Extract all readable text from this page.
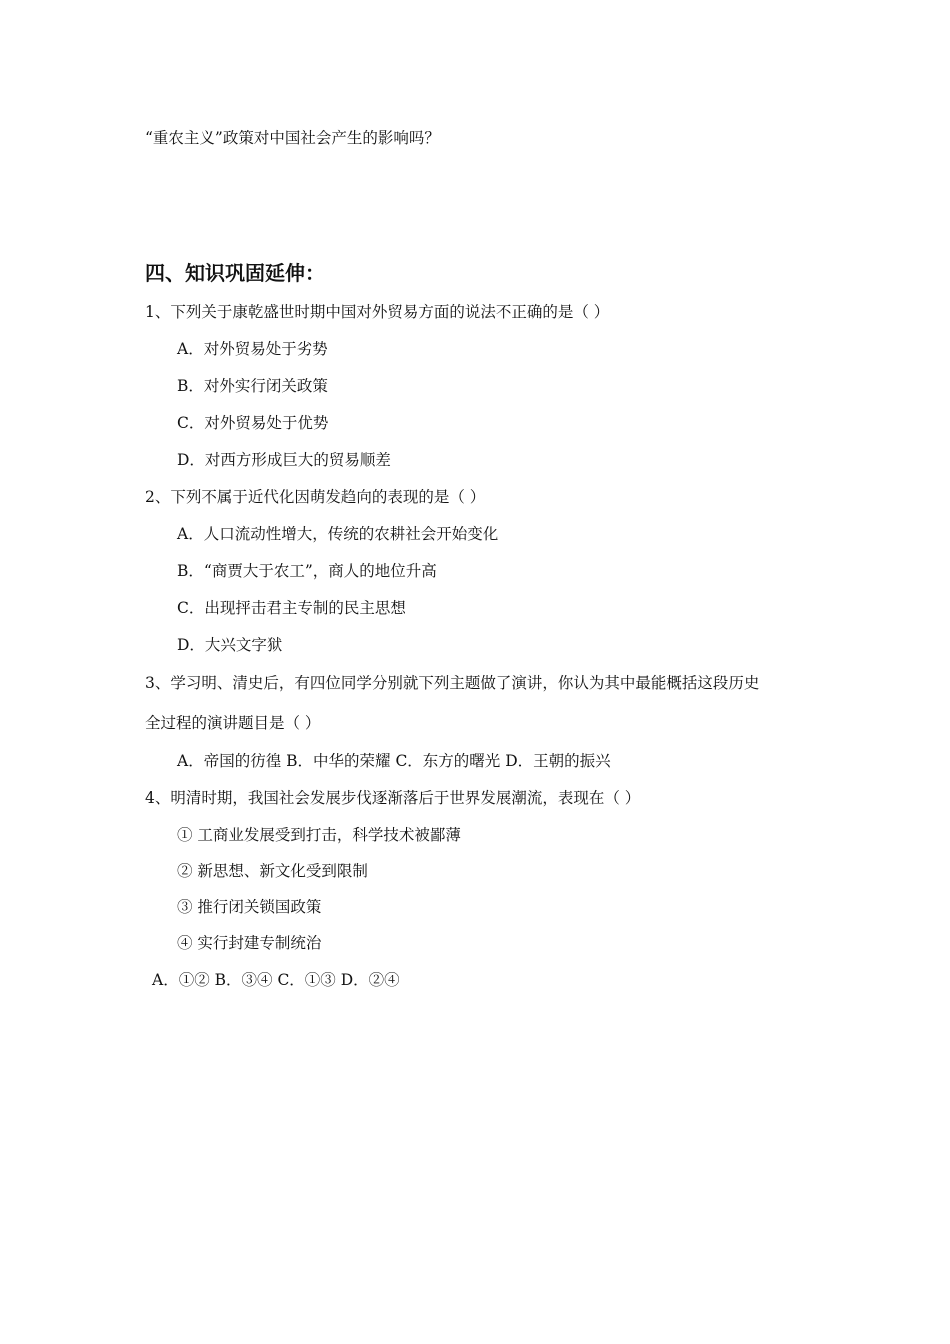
“重农主义”政策对中国社会产生的影响吗？
四、知识巩固延伸：
1、下列关于康乾盛世时期中国对外贸易方面的说法不正确的是（ ）
A．对外贸易处于劣势
B．对外实行闭关政策
C．对外贸易处于优势
D．对西方形成巨大的贸易顺差
2、下列不属于近代化因萌发趋向的表现的是（ ）
A．人口流动性增大，传统的农耕社会开始变化
B．“商贾大于农工”，商人的地位升高
C．出现抨击君主专制的民主思想
D．大兴文字狱
3、学习明、清史后，有四位同学分别就下列主题做了演讲，你认为其中最能概括这段历史
全过程的演讲题目是（ ）
A．帝国的彷徨 B．中华的荣耀 C．东方的曙光 D．王朝的振兴
4、明清时期，我国社会发展步伐逐渐落后于世界发展潮流，表现在（ ）
① 工商业发展受到打击，科学技术被鄙薄
② 新思想、新文化受到限制
③ 推行闭关锁国政策
④ 实行封建专制统治
A．①② B．③④ C．①③ D．②④
